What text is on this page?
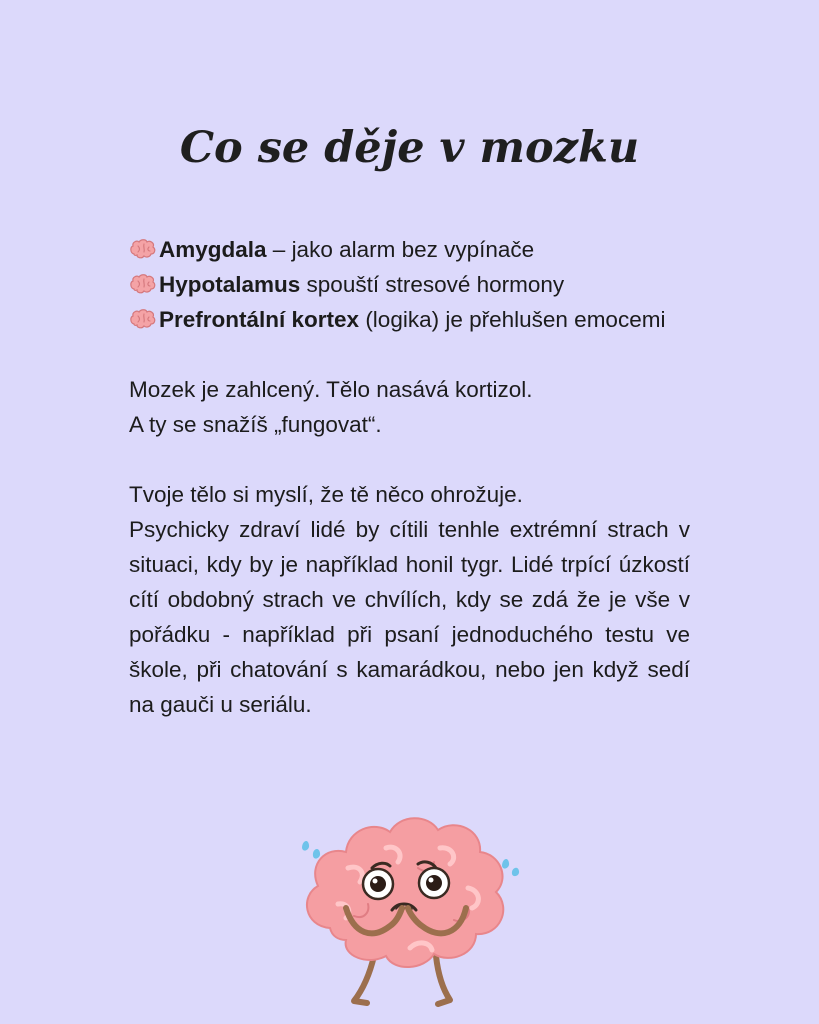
Co se děje v mozku
Amygdala – jako alarm bez vypínače
Hypotalamus spouští stresové hormony
Prefrontální kortex (logika) je přehlušen emocemi
Mozek je zahlcený. Tělo nasává kortizol.
A ty se snažíš „fungovat“.
Tvoje tělo si myslí, že tě něco ohrožuje.

Psychicky zdraví lidé by cítili tenhle extrémní strach v situaci, kdy by je například honil tygr. Lidé trpící úzkostí cítí obdobný strach ve chvílích, kdy se zdá že je vše v pořádku - například při psaní jednoduchého testu ve škole, při chatování s kamarádkou, nebo jen když sedí na gauči u seriálu.
